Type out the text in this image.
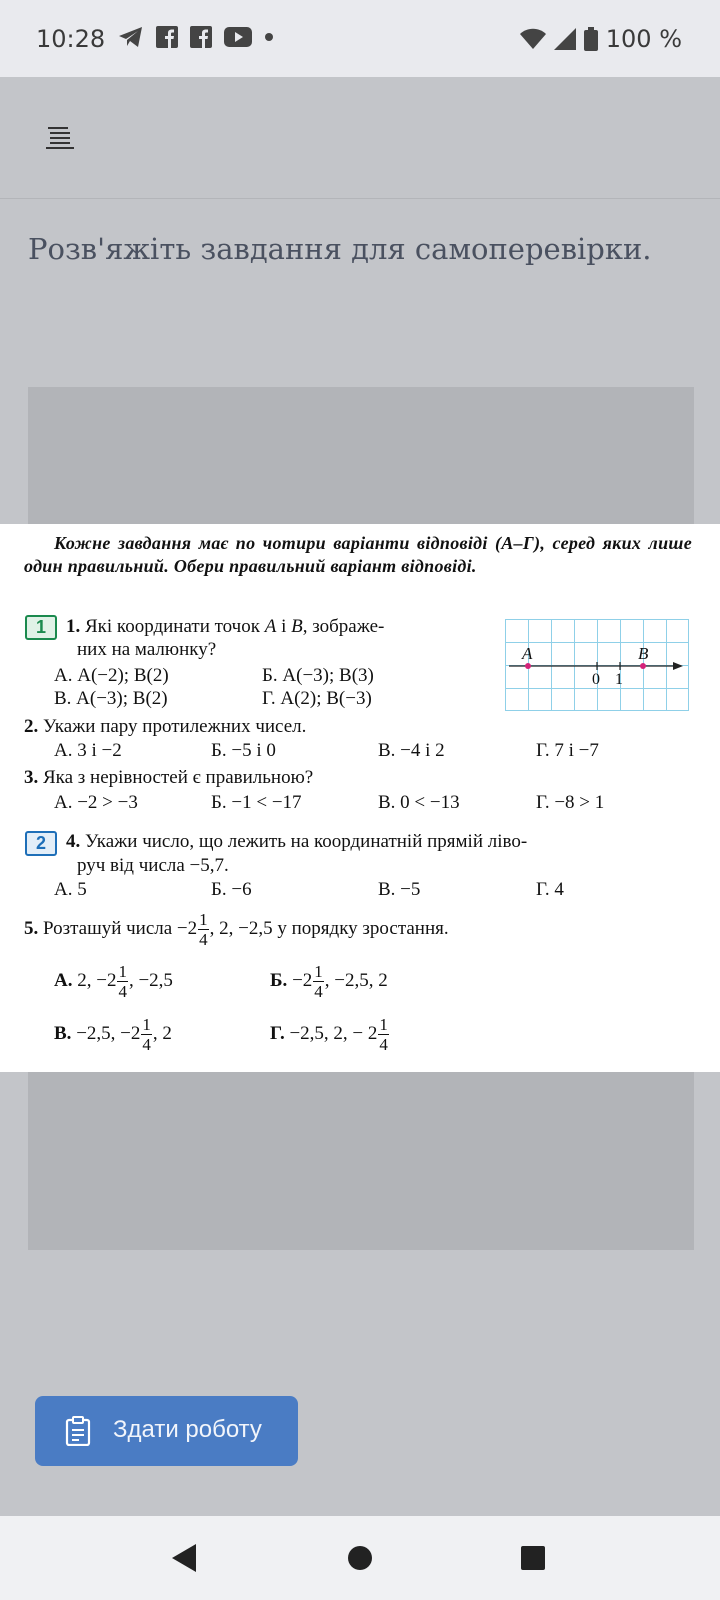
10:28	100 %
Розв'яжіть завдання для самоперевірки.
Кожне завдання має по чотири варіанти відповіді (А–Г), серед яких лише один правильний. Обери правильний варіант відповіді.
1	1. Які координати точок A і B, зображе-
них на малюнку?
А. A(−2); B(2)	Б. A(−3); B(3)
В. A(−3); B(2)	Г. A(2); B(−3)
A	B
0 1
2. Укажи пару протилежних чисел.
А. 3 і −2	Б. −5 і 0	В. −4 і 2	Г. 7 і −7
3. Яка з нерівностей є правильною?
А. −2 > −3	Б. −1 < −17	В. 0 < −13	Г. −8 > 1
2	4. Укажи число, що лежить на координатній прямій ліво-
руч від числа −5,7.
А. 5	Б. −6	В. −5	Г. 4
5. Розташуй числа $-2 \frac{1}{4}$ , 2, −2,5 у порядку зростання.
А. 2, $-2 \frac{1}{4}$ , −2,5	Б. $-2 \frac{1}{4}$ , −2,5, 2
В. −2,5, $-2 \frac{1}{4}$ , 2	Г. −2,5, 2, − $2 \frac{1}{4}$
Здати роботу
